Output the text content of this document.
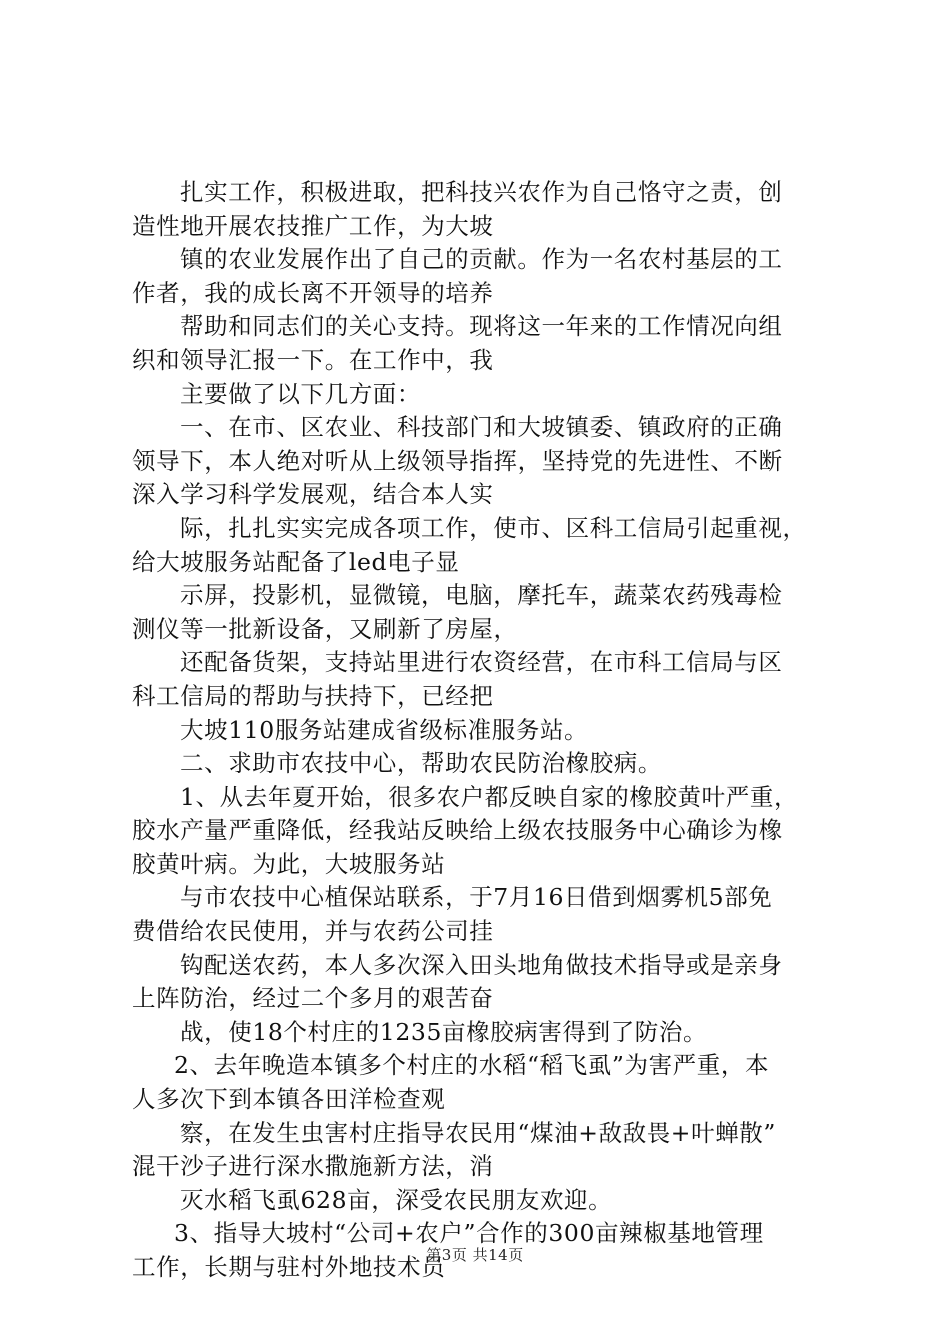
扎实工作，积极进取，把科技兴农作为自己恪守之责，创
造性地开展农技推广工作，为大坡
镇的农业发展作出了自己的贡献。作为一名农村基层的工
作者，我的成长离不开领导的培养
帮助和同志们的关心支持。现将这一年来的工作情况向组
织和领导汇报一下。在工作中，我
主要做了以下几方面：
一、在市、区农业、科技部门和大坡镇委、镇政府的正确
领导下，本人绝对听从上级领导指挥，坚持党的先进性、不断
深入学习科学发展观，结合本人实
际，扎扎实实完成各项工作，使市、区科工信局引起重视，
给大坡服务站配备了led电子显
示屏，投影机，显微镜，电脑，摩托车，蔬菜农药残毒检
测仪等一批新设备，又刷新了房屋，
还配备货架，支持站里进行农资经营，在市科工信局与区
科工信局的帮助与扶持下，已经把
大坡110服务站建成省级标准服务站。
二、求助市农技中心，帮助农民防治橡胶病。
1、从去年夏开始，很多农户都反映自家的橡胶黄叶严重，
胶水产量严重降低，经我站反映给上级农技服务中心确诊为橡
胶黄叶病。为此，大坡服务站
与市农技中心植保站联系，于7月16日借到烟雾机5部免
费借给农民使用，并与农药公司挂
钩配送农药，本人多次深入田头地角做技术指导或是亲身
上阵防治，经过二个多月的艰苦奋
战，使18个村庄的1235亩橡胶病害得到了防治。
2、去年晚造本镇多个村庄的水稻“稻飞虱”为害严重，本
人多次下到本镇各田洋检查观
察，在发生虫害村庄指导农民用“煤油+敌敌畏+叶蝉散”
混干沙子进行深水撒施新方法，消
灭水稻飞虱628亩，深受农民朋友欢迎。
3、指导大坡村“公司+农户”合作的300亩辣椒基地管理
工作，长期与驻村外地技术员
第3页 共14页
